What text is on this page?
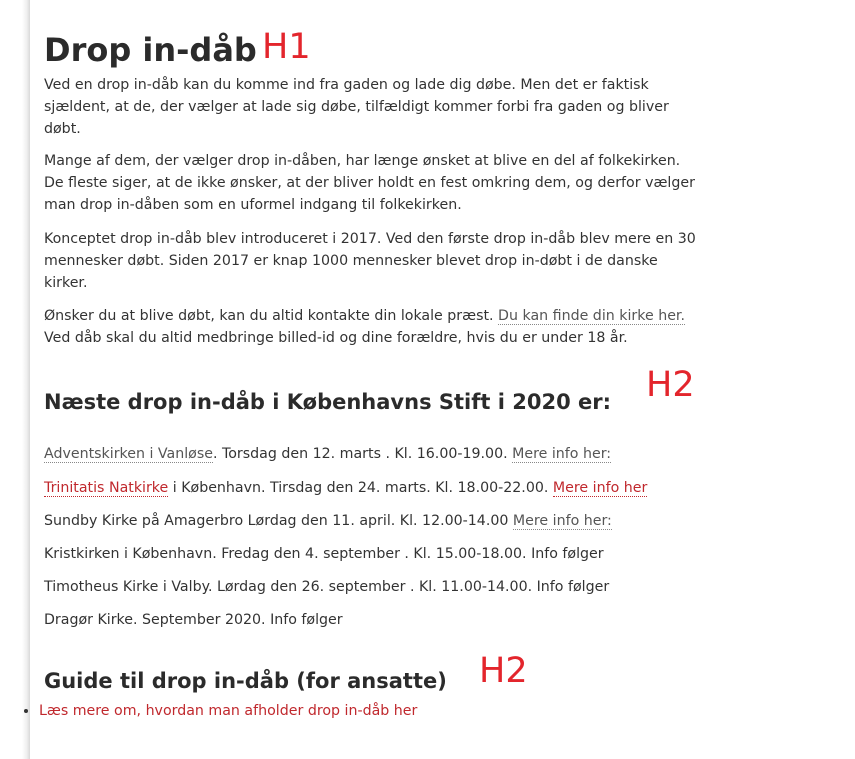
Drop in-dåb

Ved en drop in-dåb kan du komme ind fra gaden og lade dig døbe. Men det er faktisk sjældent, at de, der vælger at lade sig døbe, tilfældigt kommer forbi fra gaden og bliver døbt.

Mange af dem, der vælger drop in-dåben, har længe ønsket at blive en del af folkekirken. De fleste siger, at de ikke ønsker, at der bliver holdt en fest omkring dem, og derfor vælger man drop in-dåben som en uformel indgang til folkekirken.

Konceptet drop in-dåb blev introduceret i 2017. Ved den første drop in-dåb blev mere en 30 mennesker døbt. Siden 2017 er knap 1000 mennesker blevet drop in-døbt i de danske kirker.

Ønsker du at blive døbt, kan du altid kontakte din lokale præst. Du kan finde din kirke her.
Ved dåb skal du altid medbringe billed-id og dine forældre, hvis du er under 18 år.

Næste drop in-dåb i Københavns Stift i 2020 er:
Adventskirken i Vanløse. Torsdag den 12. marts . Kl. 16.00-19.00. Mere info her:
Trinitatis Natkirke i København. Tirsdag den 24. marts. Kl. 18.00-22.00. Mere info her
Sundby Kirke på Amagerbro Lørdag den 11. april. Kl. 12.00-14.00 Mere info her:
Kristkirken i København. Fredag den 4. september . Kl. 15.00-18.00. Info følger
Timotheus Kirke i Valby. Lørdag den 26. september . Kl. 11.00-14.00. Info følger
Dragør Kirke. September 2020. Info følger
Guide til drop in-dåb (for ansatte)
• Læs mere om, hvordan man afholder drop in-dåb her
H1
H2
H2
